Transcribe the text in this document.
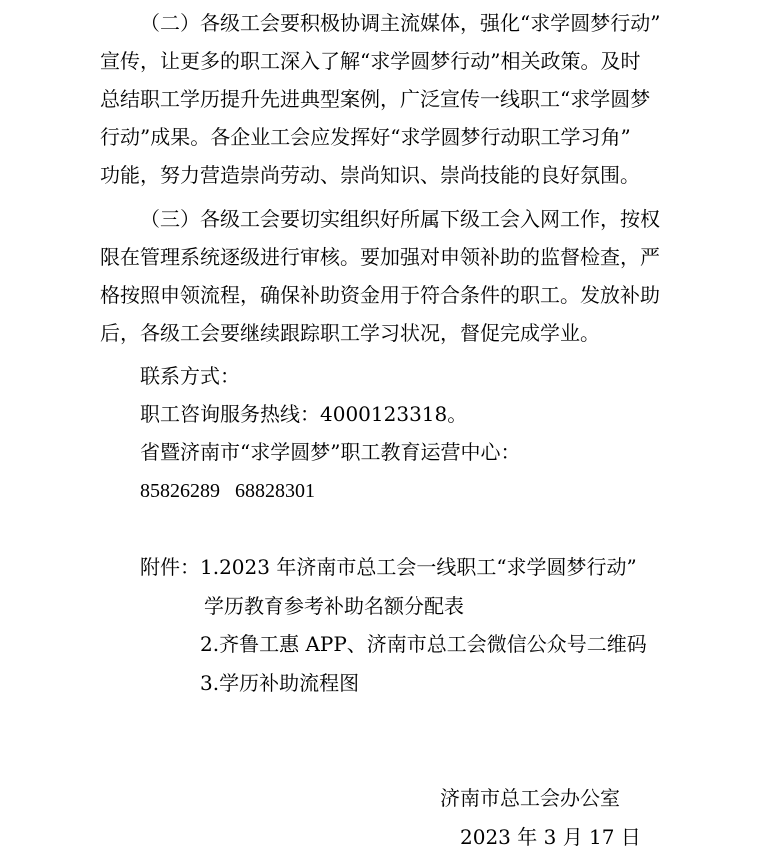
（二）各级工会要积极协调主流媒体，强化“求学圆梦行动”
宣传，让更多的职工深入了解“求学圆梦行动”相关政策。及时
总结职工学历提升先进典型案例，广泛宣传一线职工“求学圆梦
行动”成果。各企业工会应发挥好“求学圆梦行动职工学习角”
功能，努力营造崇尚劳动、崇尚知识、崇尚技能的良好氛围。

（三）各级工会要切实组织好所属下级工会入网工作，按权
限在管理系统逐级进行审核。要加强对申领补助的监督检查，严
格按照申领流程，确保补助资金用于符合条件的职工。发放补助
后，各级工会要继续跟踪职工学习状况，督促完成学业。

联系方式：
职工咨询服务热线：4000123318。
省暨济南市“求学圆梦”职工教育运营中心：
85826289   68828301
附件： 1.2023 年济南市总工会一线职工“求学圆梦行动”
学历教育参考补助名额分配表
2.齐鲁工惠 APP、济南市总工会微信公众号二维码
3.学历补助流程图
济南市总工会办公室
2023 年 3 月 17 日
